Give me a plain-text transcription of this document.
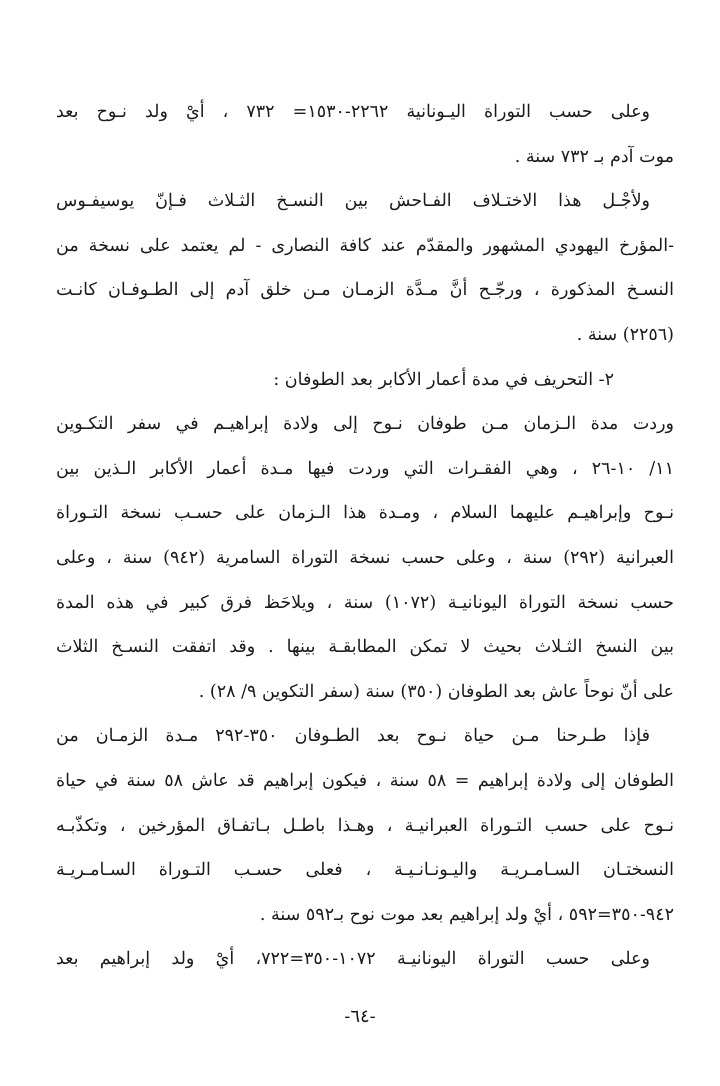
وعلى حسب التوراة اليـونانية ٢٢٦٢-١٥٣٠= ٧٣٢ ، أيْ ولد نـوح بعد
موت آدم بـ ٧٣٢ سنة .
ولأجْـل هذا الاختـلاف الفـاحش بين النسـخ الثـلاث فـإنّ يوسيفـوس
-المؤرخ اليهودي المشهور والمقدّم عند كافة النصارى - لم يعتمد على نسخة من
النسـخ المذكورة ، ورجّـح أنَّ مـدَّة الزمـان مـن خلق آدم إلى الطـوفـان كانـت
(٢٢٥٦) سنة .
٢- التحريف في مدة أعمار الأكابر بعد الطوفان :
وردت مدة الـزمان مـن طوفان نـوح إلى ولادة إبراهيـم في سفر التكـوين
١١/ ١٠-٢٦ ، وهي الفقـرات التي وردت فيها مـدة أعمار الأكابر الـذين بين
نـوح وإبراهيـم عليهما السلام ، ومـدة هذا الـزمان على حسـب نسخة التـوراة
العبرانية (٢٩٢) سنة ، وعلى حسب نسخة التوراة السامرية (٩٤٢) سنة ، وعلى
حسب نسخة التوراة اليونانيـة (١٠٧٢) سنة ، ويلاحَظ فرق كبير في هذه المدة
بين النسخ الثـلاث بحيث لا تمكن المطابقـة بينها . وقد اتفقت النسـخ الثلاث
على أنّ نوحاً عاش بعد الطوفان (٣٥٠) سنة (سفر التكوين ٩/ ٢٨) .
فإذا طـرحنا مـن حياة نـوح بعد الطـوفان ٣٥٠-٢٩٢ مـدة الزمـان من
الطوفان إلى ولادة إبراهيم = ٥٨ سنة ، فيكون إبراهيم قد عاش ٥٨ سنة في حياة
نـوح على حسب التـوراة العبرانيـة ، وهـذا باطـل بـاتفـاق المؤرخين ، وتكذّبـه
النسختـان السـامـريـة واليـونـانـيـة ، فعلى حسـب التـوراة السـامـريـة
٩٤٢-٣٥٠=٥٩٢ ، أيْ ولد إبراهيم بعد موت نوح بـ٥٩٢ سنة .
وعلى حسب التوراة اليونانيـة ١٠٧٢-٣٥٠=٧٢٢، أيْ ولد إبراهيم بعد
-٦٤-
